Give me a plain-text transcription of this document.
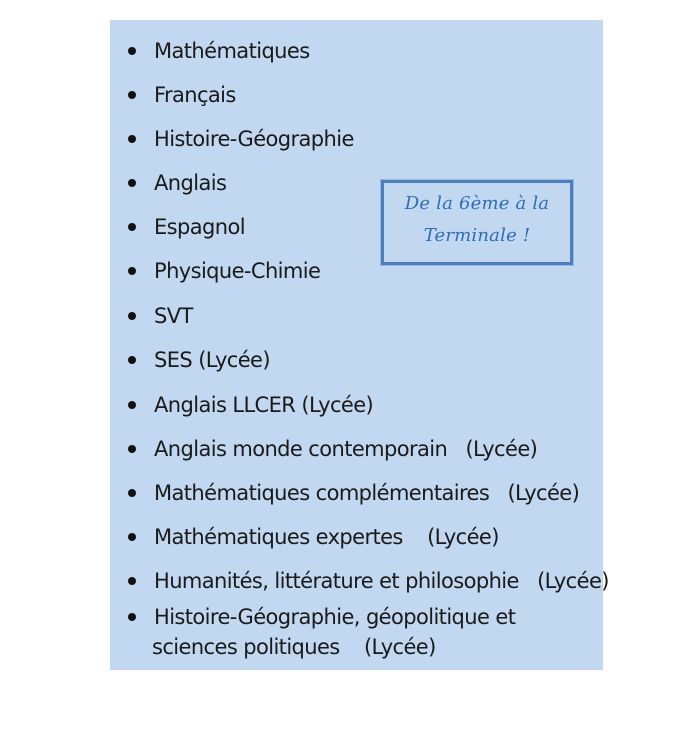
Mathématiques

Français

Histoire-Géographie

Anglais

Espagnol

Physique-Chimie

SVT

SES (Lycée)

Anglais LLCER (Lycée)

Anglais monde contemporain   (Lycée)

Mathématiques complémentaires   (Lycée)

Mathématiques expertes    (Lycée)

Humanités, littérature et philosophie   (Lycée)

Histoire-Géographie, géopolitique et

sciences politiques    (Lycée)

De la 6ème à la
Terminale !
